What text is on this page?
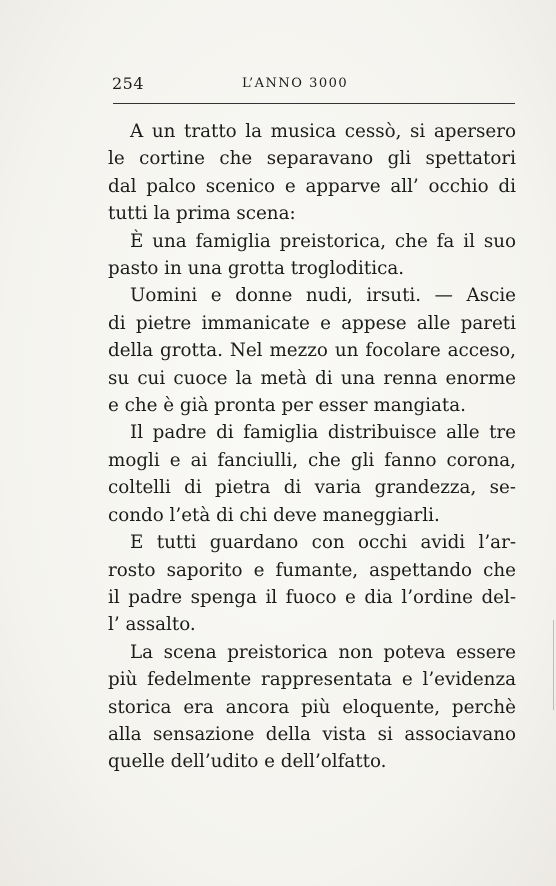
254	L’ANNO 3000
A un tratto la musica cessò, si apersero
le cortine che separavano gli spettatori
dal palco scenico e apparve all’ occhio di
tutti la prima scena:
È una famiglia preistorica, che fa il suo
pasto in una grotta trogloditica.
Uomini e donne nudi, irsuti. — Ascie
di pietre immanicate e appese alle pareti
della grotta. Nel mezzo un focolare acceso,
su cui cuoce la metà di una renna enorme
e che è già pronta per esser mangiata.
Il padre di famiglia distribuisce alle tre
mogli e ai fanciulli, che gli fanno corona,
coltelli di pietra di varia grandezza, se-
condo l’età di chi deve maneggiarli.
E tutti guardano con occhi avidi l’ar-
rosto saporito e fumante, aspettando che
il padre spenga il fuoco e dia l’ordine del-
l’ assalto.
La scena preistorica non poteva essere
più fedelmente rappresentata e l’evidenza
storica era ancora più eloquente, perchè
alla sensazione della vista si associavano
quelle dell’udito e dell’olfatto.
